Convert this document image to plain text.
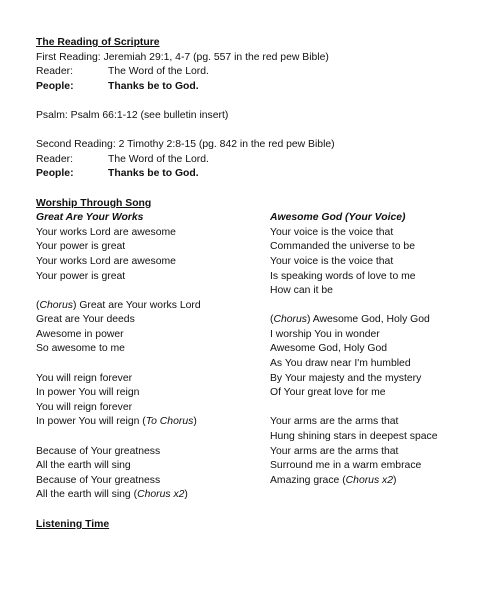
The Reading of Scripture
First Reading: Jeremiah 29:1, 4-7 (pg. 557 in the red pew Bible)
Reader:	The Word of the Lord.
People:	Thanks be to God.
Psalm: Psalm 66:1-12 (see bulletin insert)
Second Reading: 2 Timothy 2:8-15 (pg. 842 in the red pew Bible)
Reader:	The Word of the Lord.
People:	Thanks be to God.
Worship Through Song
Great Are Your Works
Your works Lord are awesome
Your power is great
Your works Lord are awesome
Your power is great
(Chorus) Great are Your works Lord
Great are Your deeds
Awesome in power
So awesome to me
You will reign forever
In power You will reign
You will reign forever
In power You will reign (To Chorus)
Because of Your greatness
All the earth will sing
Because of Your greatness
All the earth will sing (Chorus x2)
Awesome God (Your Voice)
Your voice is the voice that
Commanded the universe to be
Your voice is the voice that
Is speaking words of love to me
How can it be
(Chorus) Awesome God, Holy God
I worship You in wonder
Awesome God, Holy God
As You draw near I'm humbled
By Your majesty and the mystery
Of Your great love for me
Your arms are the arms that
Hung shining stars in deepest space
Your arms are the arms that
Surround me in a warm embrace
Amazing grace (Chorus x2)
Listening Time
